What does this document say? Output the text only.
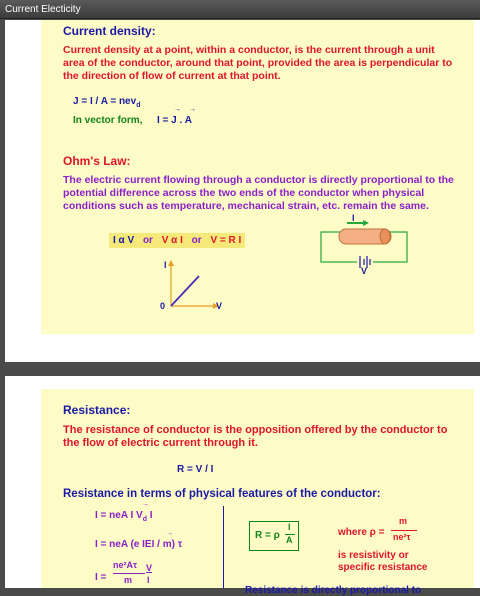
Current Electicity
Current density:
Current density at a point, within a conductor, is the current through a unit area of the conductor, around that point, provided the area is perpendicular to the direction of flow of current at that point.
J = I / A = nev$_d$
In vector form, I = J . A
→ →
Ohm's Law:
The electric current flowing through a conductor is directly proportional to the potential difference across the two ends of the conductor when physical conditions such as temperature, mechanical strain, etc. remain the same.
I α V or V α I or V = R I
I
V
0
I
V
Resistance:
The resistance of conductor is the opposition offered by the conductor to the flow of electric current through it.
R = V / I
Resistance in terms of physical features of the conductor:
I = neA I $V_d$ I
→
I = neA (e IEI / m) τ
→
I =
ne²Aτ
m
V
l
R = ρ
l
A
where ρ =
m
ne²τ
is resistivity or specific resistance
Resistance is directly proportional to
